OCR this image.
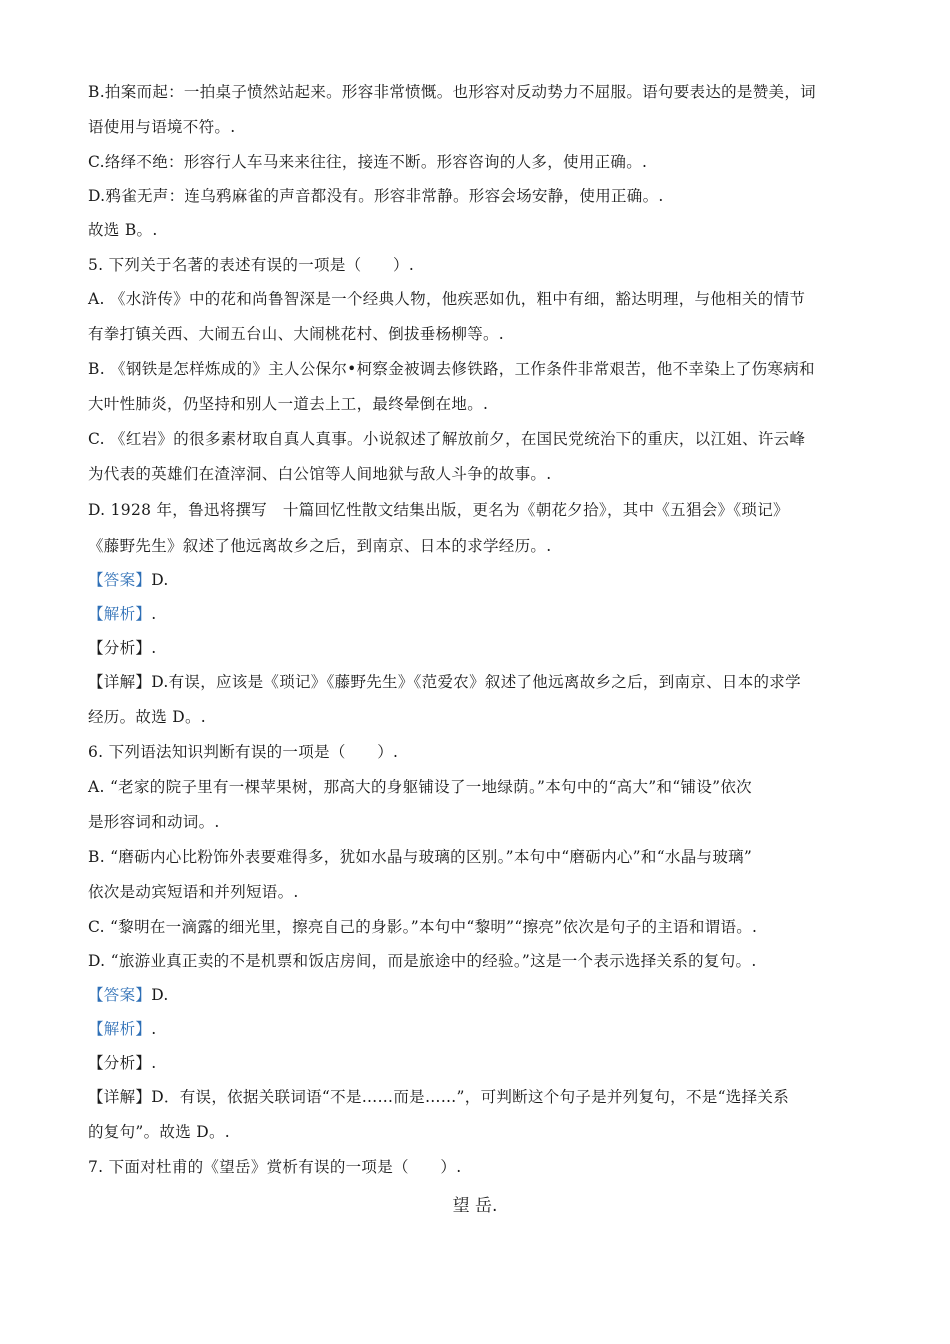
B.拍案而起：一拍桌子愤然站起来。形容非常愤慨。也形容对反动势力不屈服。语句要表达的是赞美，词
语使用与语境不符。.
C.络绎不绝：形容行人车马来来往往，接连不断。形容咨询的人多，使用正确。.
D.鸦雀无声：连乌鸦麻雀的声音都没有。形容非常静。形容会场安静，使用正确。.
故选 B。.
5. 下列关于名著的表述有误的一项是（　　）.
A. 《水浒传》中的花和尚鲁智深是一个经典人物，他疾恶如仇，粗中有细，豁达明理，与他相关的情节
有拳打镇关西、大闹五台山、大闹桃花村、倒拔垂杨柳等。.
B. 《钢铁是怎样炼成的》主人公保尔•柯察金被调去修铁路，工作条件非常艰苦，他不幸染上了伤寒病和
大叶性肺炎，仍坚持和别人一道去上工，最终晕倒在地。.
C. 《红岩》的很多素材取自真人真事。小说叙述了解放前夕，在国民党统治下的重庆，以江姐、许云峰
为代表的英雄们在渣滓洞、白公馆等人间地狱与敌人斗争的故事。.
D. 1928 年，鲁迅将撰写　十篇回忆性散文结集出版，更名为《朝花夕拾》，其中《五猖会》《琐记》
《藤野先生》叙述了他远离故乡之后，到南京、日本的求学经历。.
【答案】D.
【解析】.
【分析】.
【详解】D.有误，应该是《琐记》《藤野先生》《范爱农》叙述了他远离故乡之后，到南京、日本的求学
经历。故选 D。.
6. 下列语法知识判断有误的一项是（　　）.
A. “老家的院子里有一棵苹果树，那高大的身躯铺设了一地绿荫。”本句中的“高大”和“铺设”依次
是形容词和动词。.
B. “磨砺内心比粉饰外表要难得多，犹如水晶与玻璃的区别。”本句中“磨砺内心”和“水晶与玻璃”
依次是动宾短语和并列短语。.
C. “黎明在一滴露的细光里，擦亮自己的身影。”本句中“黎明”“擦亮”依次是句子的主语和谓语。.
D. “旅游业真正卖的不是机票和饭店房间，而是旅途中的经验。”这是一个表示选择关系的复句。.
【答案】D.
【解析】.
【分析】.
【详解】D．有误，依据关联词语“不是……而是……”，可判断这个句子是并列复句，不是“选择关系
的复句”。故选 D。.
7. 下面对杜甫的《望岳》赏析有误的一项是（　　）.
望 岳.
